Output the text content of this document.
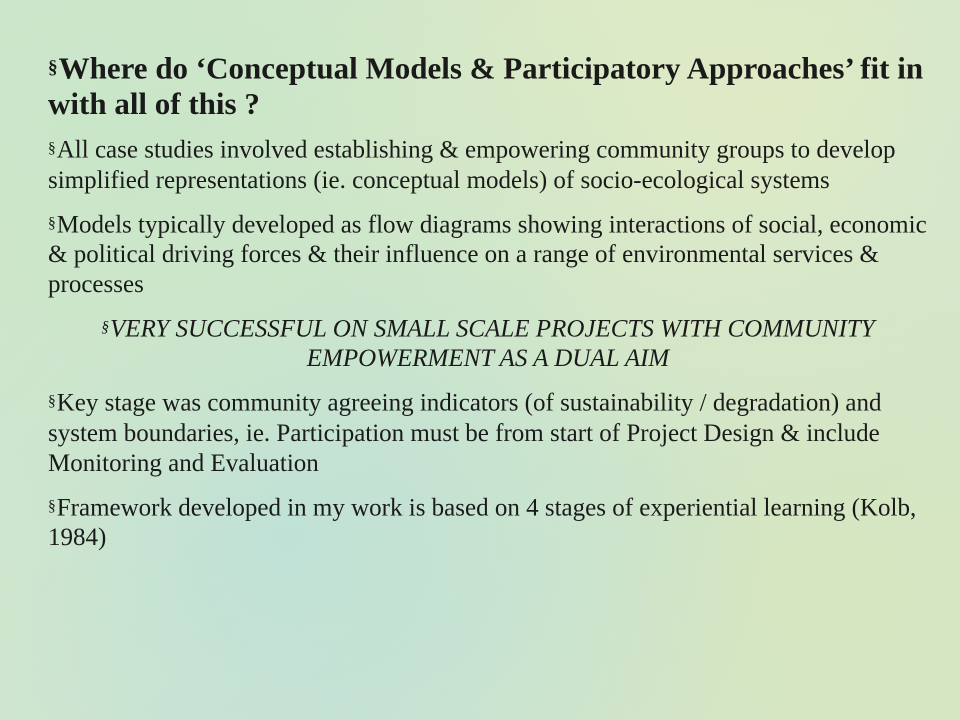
§Where do ‘Conceptual Models & Participatory Approaches’ fit in with all of this ?
§All case studies involved establishing & empowering community groups to develop simplified representations (ie. conceptual models) of socio-ecological systems
§Models typically developed as flow diagrams showing interactions of social, economic & political driving forces & their influence on a range of environmental services & processes
§VERY SUCCESSFUL ON SMALL SCALE PROJECTS WITH COMMUNITY EMPOWERMENT AS A DUAL AIM
§Key stage was community agreeing indicators (of sustainability / degradation) and system boundaries, ie. Participation must be from start of Project Design & include Monitoring and Evaluation
§Framework developed in my work is based on 4 stages of experiential learning (Kolb, 1984)
